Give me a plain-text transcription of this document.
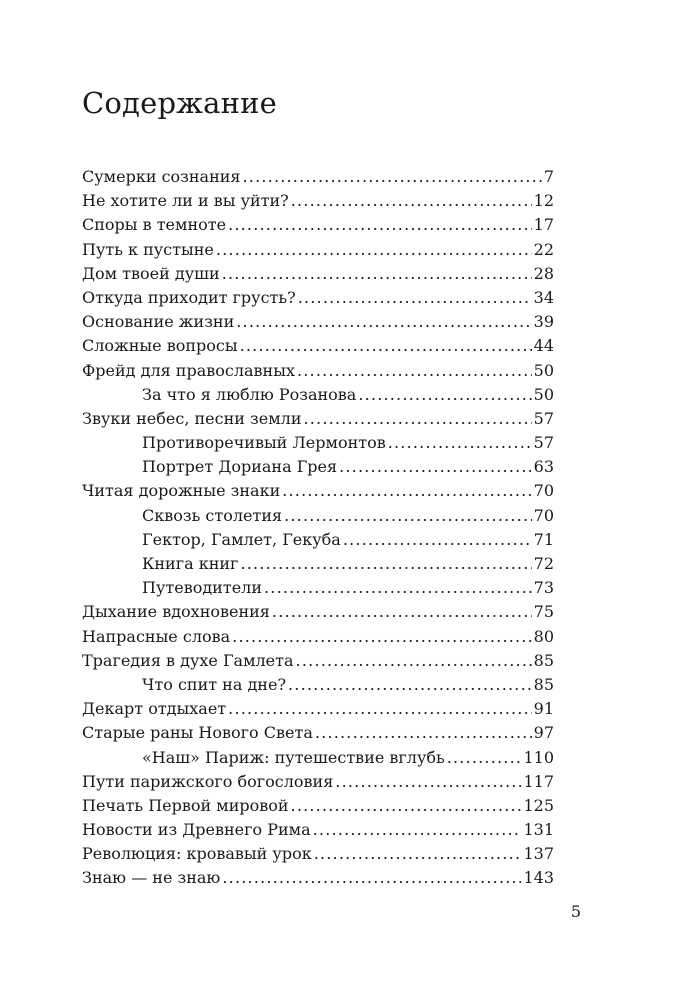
Содержание
Сумерки сознания .....	7
Не хотите ли и вы уйти? .....	12
Споры в темноте .....	17
Путь к пустыне .....	22
Дом твоей души .....	28
Откуда приходит грусть? .....	34
Основание жизни .....	39
Сложные вопросы .....	44
Фрейд для православных .....	50
За что я люблю Розанова .....	50
Звуки небес, песни земли .....	57
Противоречивый Лермонтов .....	57
Портрет Дориана Грея .....	63
Читая дорожные знаки .....	70
Сквозь столетия .....	70
Гектор, Гамлет, Гекуба .....	71
Книга книг .....	72
Путеводители .....	73
Дыхание вдохновения .....	75
Напрасные слова .....	80
Трагедия в духе Гамлета .....	85
Что спит на дне? .....	85
Декарт отдыхает .....	91
Старые раны Нового Света .....	97
«Наш» Париж: путешествие вглубь .....	110
Пути парижского богословия .....	117
Печать Первой мировой .....	125
Новости из Древнего Рима .....	131
Революция: кровавый урок .....	137
Знаю — не знаю .....	143
5
